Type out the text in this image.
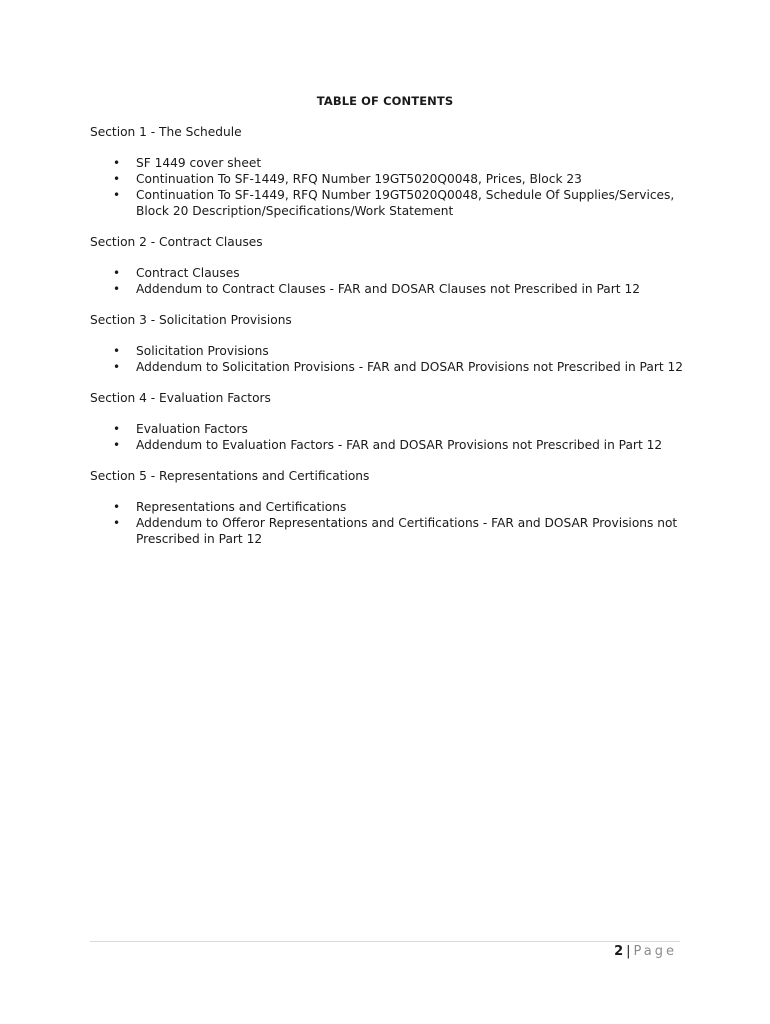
TABLE OF CONTENTS
Section 1 - The Schedule
• SF 1449 cover sheet
• Continuation To SF-1449, RFQ Number 19GT5020Q0048, Prices, Block 23
• Continuation To SF-1449, RFQ Number 19GT5020Q0048, Schedule Of Supplies/Services, Block 20 Description/Specifications/Work Statement
Section 2 - Contract Clauses
• Contract Clauses
• Addendum to Contract Clauses - FAR and DOSAR Clauses not Prescribed in Part 12
Section 3 - Solicitation Provisions
• Solicitation Provisions
• Addendum to Solicitation Provisions - FAR and DOSAR Provisions not Prescribed in Part 12
Section 4 - Evaluation Factors
• Evaluation Factors
• Addendum to Evaluation Factors - FAR and DOSAR Provisions not Prescribed in Part 12
Section 5 - Representations and Certifications
• Representations and Certifications
• Addendum to Offeror Representations and Certifications - FAR and DOSAR Provisions not Prescribed in Part 12
2 | Page
